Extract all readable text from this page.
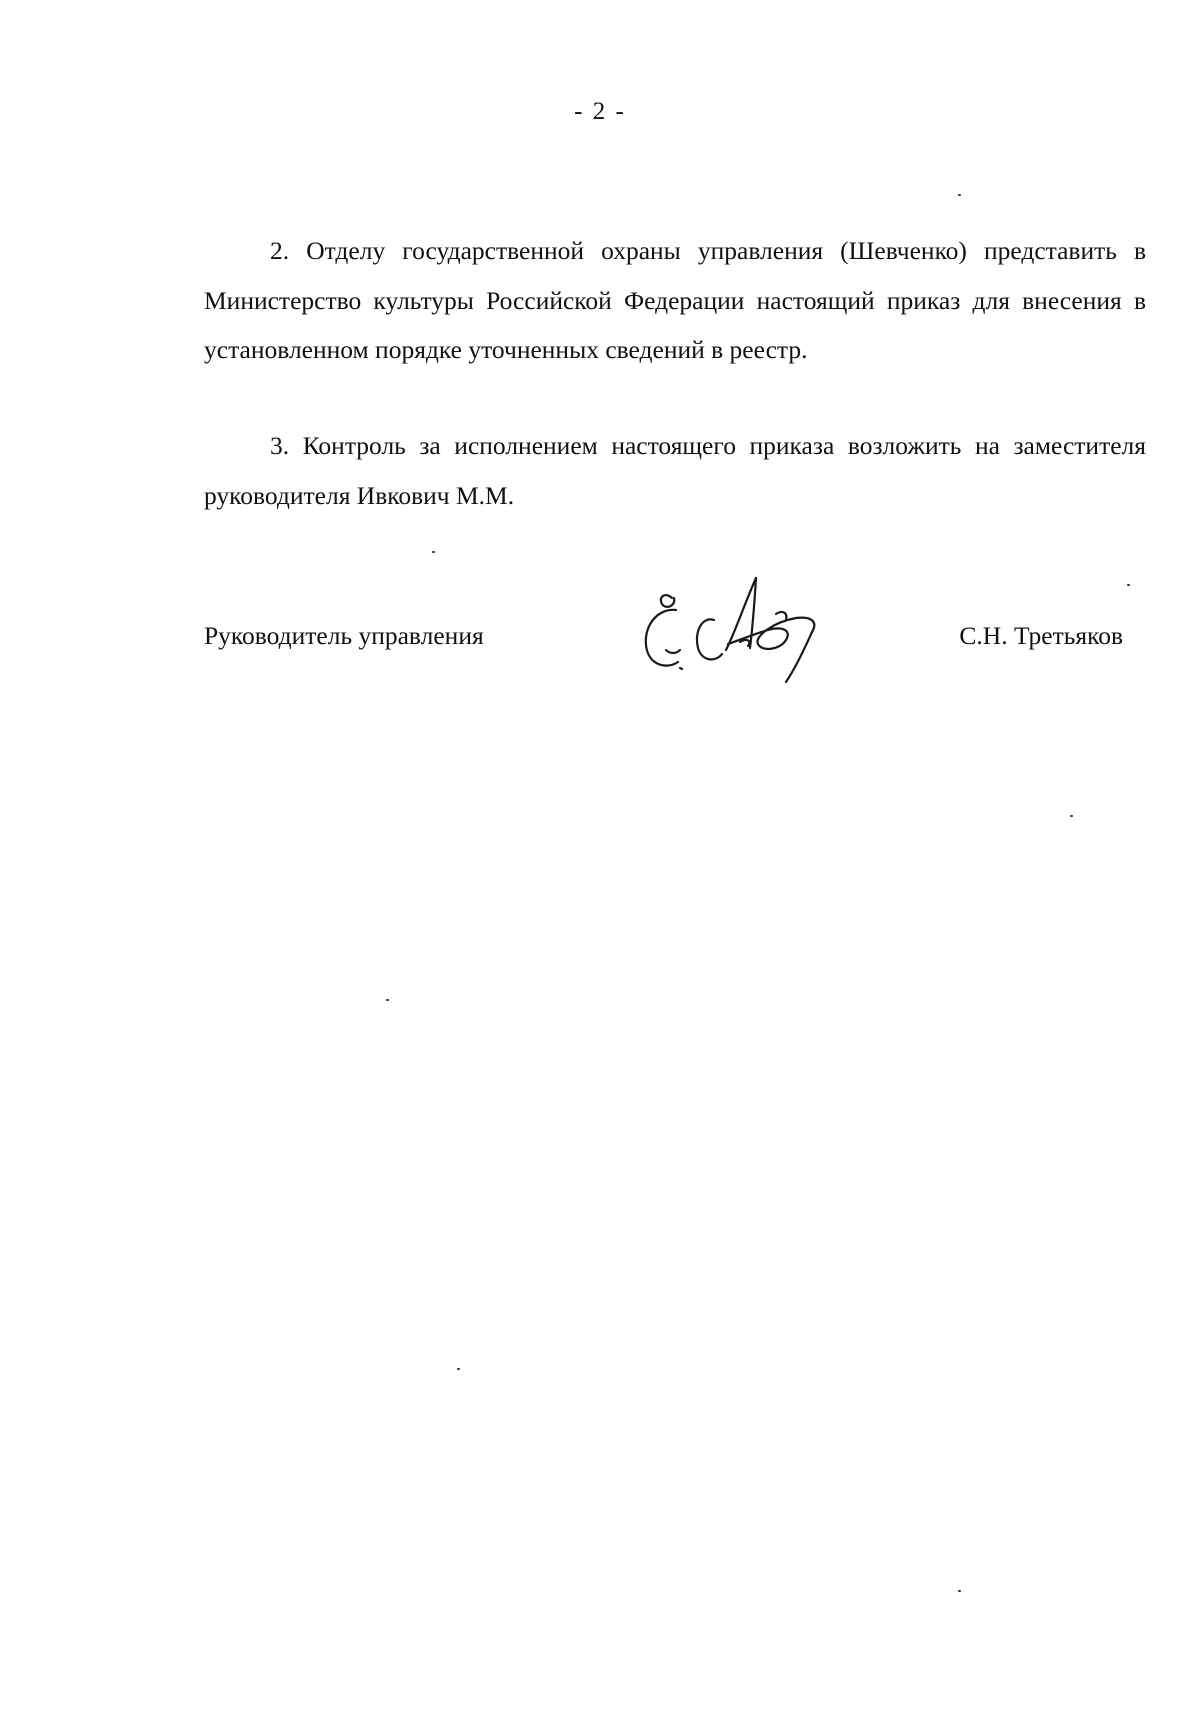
- 2 -

2. Отделу государственной охраны управления (Шевченко) представить в Министерство культуры Российской Федерации настоящий приказ для внесения в установленном порядке уточненных сведений в реестр.

3. Контроль за исполнением настоящего приказа возложить на заместителя руководителя Ивкович М.М.

Руководитель управления	С.Н. Третьяков
